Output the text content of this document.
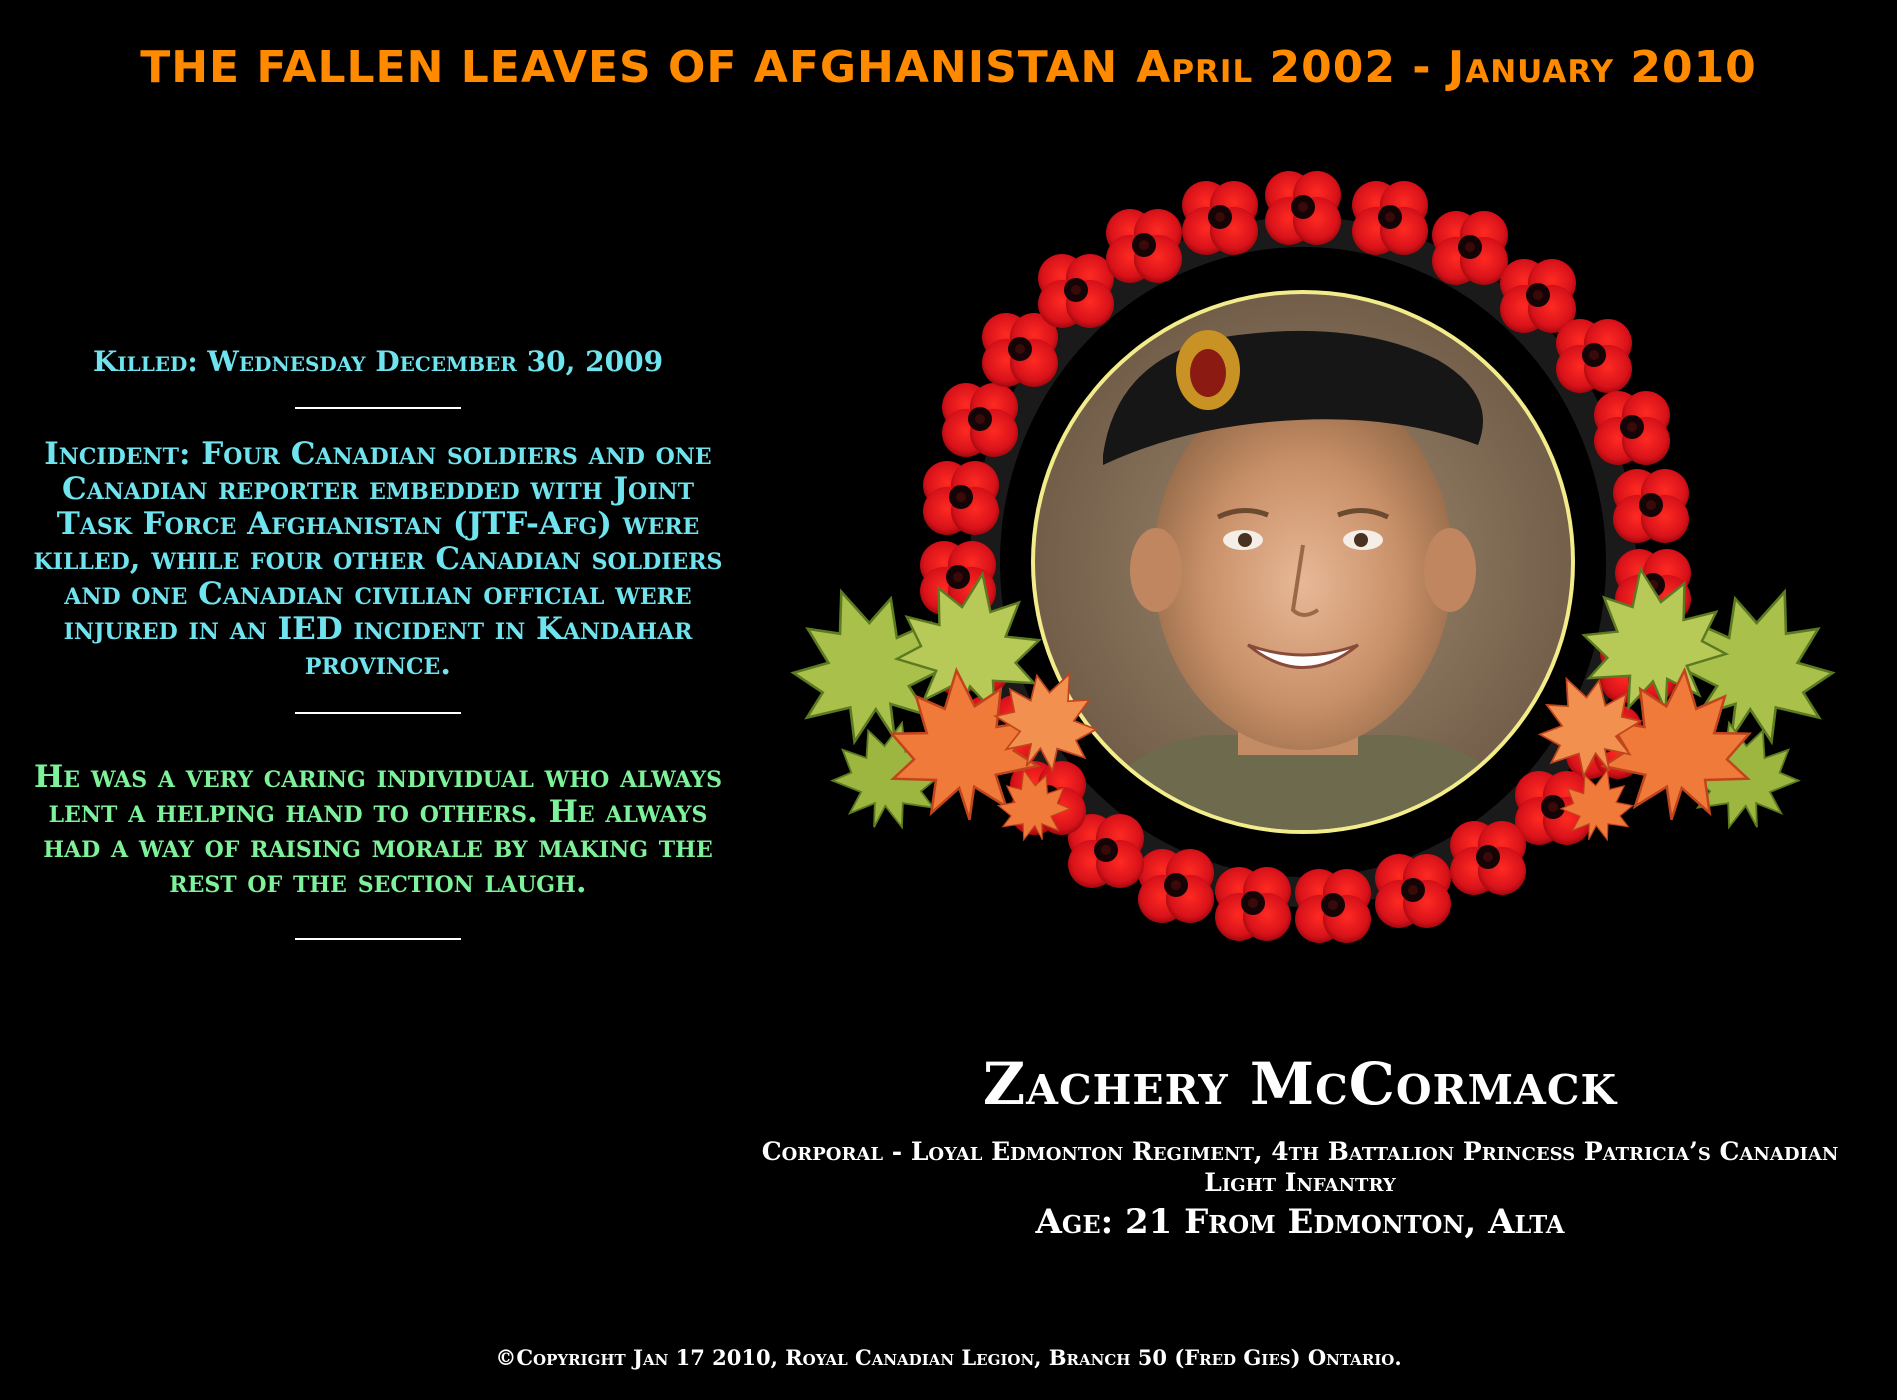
THE FALLEN LEAVES OF AFGHANISTAN April 2002 - January 2010

Killed: Wednesday December 30, 2009

Incident: Four Canadian soldiers and one Canadian reporter embedded with Joint Task Force Afghanistan (JTF-Afg) were killed, while four other Canadian soldiers and one Canadian civilian official were injured in an IED incident in Kandahar province.

He was a very caring individual who always lent a helping hand to others. He always had a way of raising morale by making the rest of the section laugh.

Zachery McCormack
Corporal - Loyal Edmonton Regiment, 4th Battalion Princess Patricia’s Canadian Light Infantry
Age: 21 From Edmonton, Alta
©Copyright Jan 17 2010, Royal Canadian Legion, Branch 50 (Fred Gies) Ontario.
